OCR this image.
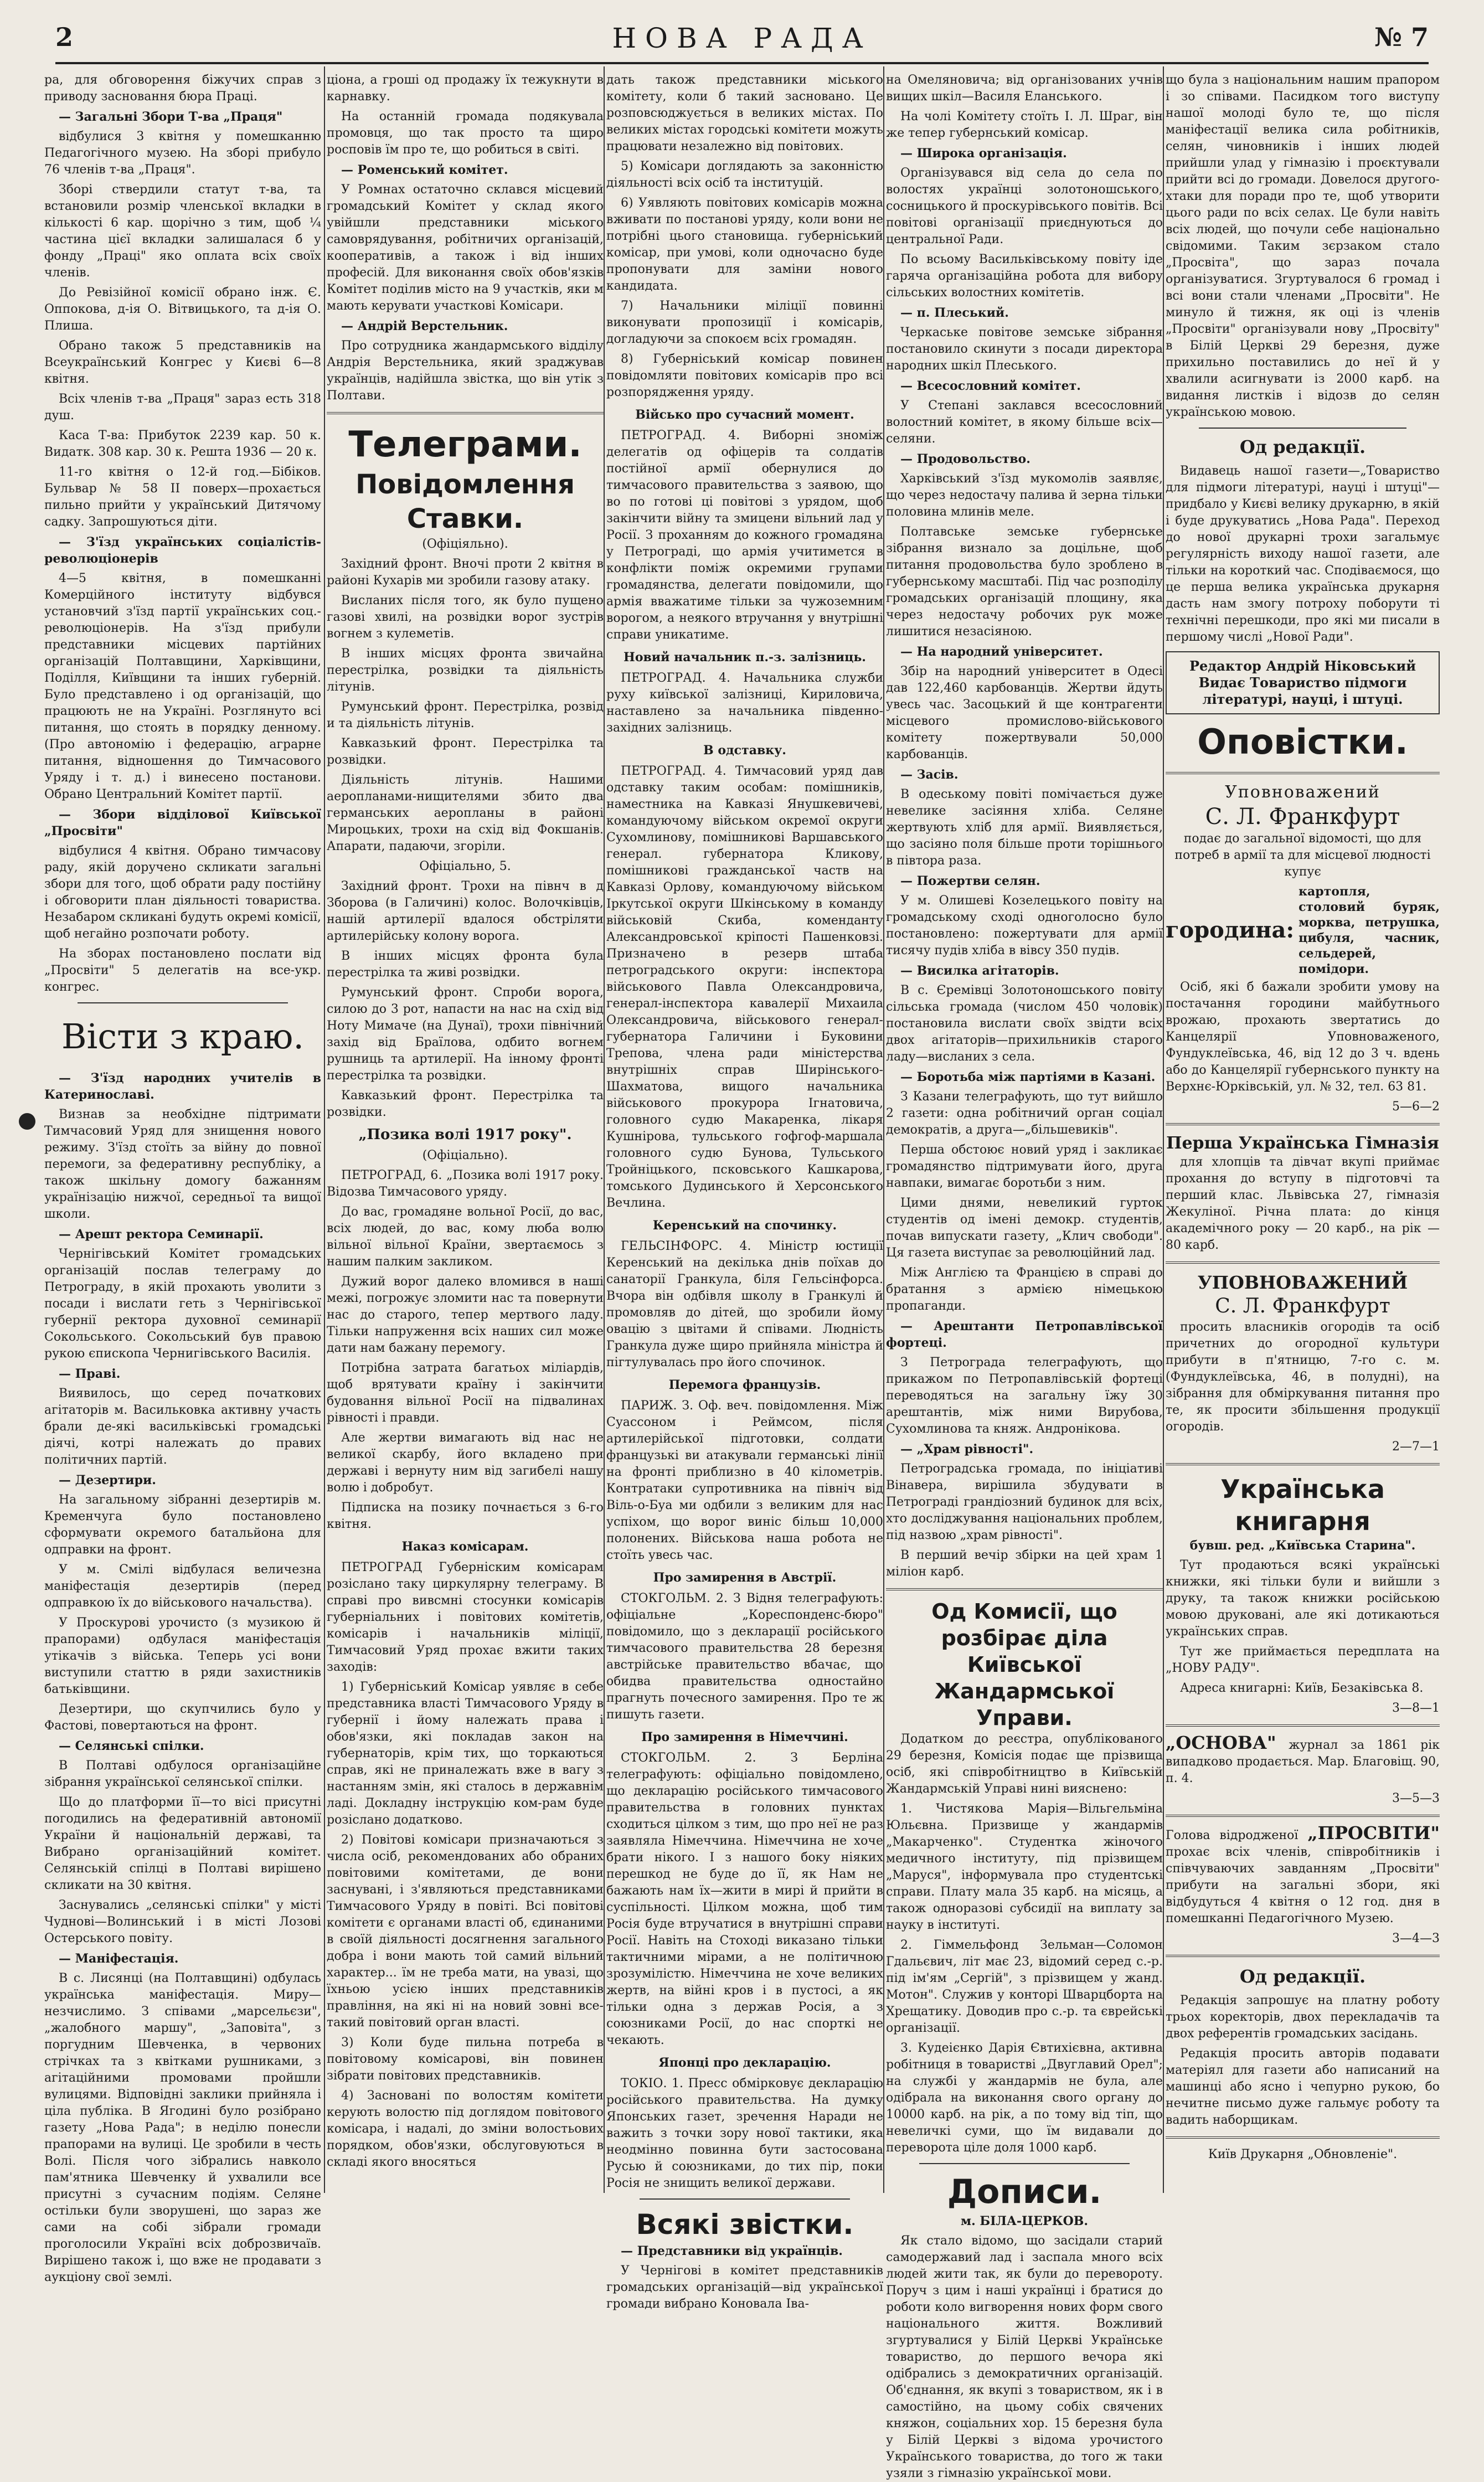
2	НОВА РАДА	№ 7

ра, для обговорення біжучих справ з приводу засновання бюра Праці.

— Загальні Збори Т-ва „Праця"

відбулися 3 квітня у помешканню Педагогічного музею. На зборі прибуло 76 членів т-ва „Праця".

Зборі ствердили статут т-ва, та встановили розмір членської вкладки в кількості 6 кар. щорічно з тим, щоб ¼ частина цієї вкладки залишалася б у фонду „Праці" яко оплата всіх своїх членів.

До Ревізійної комісії обрано інж. Є. Оппокова, д-ія О. Вітвицького, та д-ія О. Плиша.

Обрано також 5 представників на Всеукраїнський Конгрес у Києві 6—8 квітня.

Всіх членів т-ва „Праця" зараз есть 318 душ.

Каса Т-ва: Прибуток 2239 кар. 50 к. Видатк. 308 кар. 30 к. Решта 1936 — 20 к.

11-го квітня о 12-й год.—Бібіков. Бульвар № 58 II поверх—прохається пильно прийти у український Дитячому садку. Запрошуються діти.

— З'їзд українських соціалістів-революціонерів

4—5 квітня, в помешканні Комерційного інституту відбувся установчий з'їзд партії українських соц.-революціонерів. На з'їзд прибули представники місцевих партійних організацій Полтавщини, Харківщини, Поділля, Київщини та інших губерній. Було представлено і од організацій, що працюють не на Україні. Розглянуто всі питання, що стоять в порядку денному. (Про автономію і федерацію, аграрне питання, відношення до Тимчасового Уряду і т. д.) і винесено постанови. Обрано Центральний Комітет партії.

— Збори відділової Київської „Просвіти"

відбулися 4 квітня. Обрано тимчасову раду, якій доручено скликати загальні збори для того, щоб обрати раду постійну і обговорити план діяльності товариства. Незабаром скликані будуть окремі комісії, щоб негайно розпочати роботу.

На зборах постановлено послати від „Просвіти" 5 делегатів на все-укр. конгрес.

Вісти з краю.

— З'їзд народних учителів в Катеринославі.

Визнав за необхідне підтримати Тимчасовий Уряд для знищення нового режиму. З'їзд стоїть за війну до повної перемоги, за федеративну республіку, а також шкільну домогу бажанням українізацію нижчої, середньої та вищої школи.

— Арешт ректора Семинарії.

Чернігівський Комітет громадських організацій послав телеграму до Петрограду, в якій прохають уволити з посади і вислати геть з Чернігівської губернії ректора духовної семинарії Сокольського. Сокольський був правою рукою єпископа Чернигівського Василія.

— Праві.

Виявилось, що серед початкових агітаторів м. Васильковка активну участь брали де-які васильківські громадські діячі, котрі належать до правих політичних партій.

— Дезертири.

На загальному зібранні дезертирів м. Кременчуга було постановлено сформувати окремого батальйона для одправки на фронт.

У м. Смілі відбулася величезна маніфестація дезертирів (перед одправкою їх до військового начальства).

У Проскурові урочисто (з музикою й прапорами) одбулася маніфестація утікачів з війська. Теперь усі вони виступили статтю в ряди захистників батьківщини.

Дезертири, що скупчились було у Фастові, повертаються на фронт.

— Селянські спілки.

В Полтаві одбулося організаційне зібрання української селянської спілки.

Що до платформи її—то вісі присутні погодились на федеративній автономії України й національній державі, та Вибрано організаційний комітет. Селянській спілці в Полтаві вирішено скликати на 30 квітня.

Заснувались „селянські спілки" у місті Чуднові—Волинський і в місті Лозові Остерського повіту.

— Маніфестація.

В с. Лисянці (на Полтавщині) одбулась українська маніфестація. Миру—незчислимо. З співами „марсельєзи", „жалобного маршу", „Заповіта", з поргудним Шевченка, в червоних стрічках та з квітками рушниками, з агітаційними промовами пройшли вулицями. Відповідні заклики прийняла і ціла публіка. В Ягодині було розібрано газету „Нова Рада"; в неділю понесли прапорами на вулиці. Це зробили в честь Волі. Після чого зібрались навколо пам'ятника Шевченку й ухвалили все присутні з сучасним подіям. Селяне остільки були зворушені, що зараз же сами на собі зібрали громади проголосили Україні всіх доброзвичаїв. Вирішено також і, що вже не продавати з аукціону свої землі.

ціона, а гроші од продажу їх тежукнути в карнавку.

На останній громада подякувала промовця, що так просто та щиро росповів їм про те, що робиться в світі.

— Роменський комітет.

У Ромнах остаточно склався місцевий громадський Комітет у склад якого увійшли представники міського самоврядування, робітничих організацій, кооперативів, а також і від інших професій. Для виконання своїх обов'язків Комітет поділив місто на 9 участків, яки м мають керувати участкові Комісари.

— Андрій Верстельник.

Про сотрудника жандармського відділу Андрія Верстельника, який зраджував українців, надійшла звістка, що він утік з Полтави.

Телеграми.
Повідомлення Ставки.

(Офіціяльно).

Західний фронт. Вночі проти 2 квітня в районі Кухарів ми зробили газову атаку.

Висланих після того, як було пущено газові хвилі, на розвідки ворог зустрів вогнем з кулеметів.

В інших місцях фронта звичайна перестрілка, розвідки та діяльність літунів.

Румунський фронт. Перестрілка, розвід и та діяльність літунів.

Кавказький фронт. Перестрілка та розвідки.

Діяльність літунів. Нашими аеропланами-нищителями збито два германських аеропланы в районі Мироцьких, трохи на схід від Фокшанів. Апарати, падаючи, згоріли.

Офіціально, 5.

Західний фронт. Трохи на півнч в д Зборова (в Галичині) колос. Волочківців, нашій артилерії вдалося обстріляти артилерійську колону ворога.

В інших місцях фронта була перестрілка та живі розвідки.

Румунський фронт. Спроби ворога, силою до 3 рот, напасти на нас на схід від Ноту Мимаче (на Дунаї), трохи північний захід від Браїлова, одбито вогнем рушниць та артилерії. На інному фронті перестрілка та розвідки.

Кавказький фронт. Перестрілка та розвідки.

„Позика волі 1917 року".

(Офіціально).

ПЕТРОГРАД, 6. „Позика волі 1917 року. Відозва Тимчасового уряду.

До вас, громадяне вольної Росії, до вас, всіх людей, до вас, кому люба волю вільної вільної Країни, звертаємось з нашим палким закликом.

Дужий ворог далеко вломився в наші межі, погрожує зломити нас та повернути нас до старого, тепер мертвого ладу. Тільки напруження всіх наших сил може дати нам бажану перемогу.

Потрібна затрата багатьох міліардів, щоб врятувати країну і закінчити будовання вільної Росії на підвалинах рівності і правди.

Але жертви вимагають від нас не великої скарбу, його вкладено при державі і вернуту ним від загибелі нашу волю і добробут.

Підписка на позику почнається з 6-го квітня.

Наказ комісарам.

ПЕТРОГРАД Губерніским комісарам розіслано таку циркулярну телеграму. В справі про вивсмні стосунки комісарів губерніальних і повітових комітетів, комісарів і начальників міліції, Тимчасовий Уряд прохає вжити таких заходів:

1) Губерніський Комісар уявляє в себе представника власті Тимчасового Уряду в губернії і йому належать права і обов'язки, які покладав закон на губернаторів, крім тих, що торкаються справ, які не приналежать вже в вагу з настанням змін, які сталось в державнім ладі. Докладну інструкцію ком-рам буде розіслано додатково.

2) Повітові комісари призначаються з числа осіб, рекомендованих або обраних повітовими комітетами, де вони заснувані, і з'являються представниками Тимчасового Уряду в повіті. Всі повітові комітети є органами власті об, єдинаними в своїй діяльності досягнення загального добра і вони мають той самий вільний характер... їм не треба мати, на увазі, що їхньою усією інших представників правління, на які ні на новий зовні все-такий повітовий орган власті.

3) Коли буде пильна потреба в повітовому комісарові, він повинен зібрати повітових представників.

4) Засновані по волостям комітети керують волостю під доглядом повітового комісара, і надалі, до зміни волостьових порядком, обов'язки, обслуговуються в складі якого вносяться

дать також представники міського комітету, коли б такий засновано. Це розповсюджується в великих містах. По великих містах городські комітети можуть працювати незалежно від повітових.

5) Комісари доглядають за законністю діяльності всіх осіб та інституцій.

6) Уявляють повітових комісарів можна вживати по постанові уряду, коли вони не потрібні цього становища. губерніський комісар, при умові, коли одночасно буде пропонувати для заміни нового кандидата.

7) Начальники міліції повинні виконувати пропозиції і комісарів, догладуючи за спокоєм всіх громадян.

8) Губерніський комісар повинен повідомляти повітових комісарів про всі розпорядження уряду.

Військо про сучасний момент.

ПЕТРОГРАД. 4. Виборні зноміж делегатів од офіцерів та солдатів постійної армії обернулися до тимчасового правительства з заявою, що во по готові ці повітові з урядом, щоб закінчити війну та змицени вільний лад у Росії. З проханням до кожного громадяна у Петрограді, що армія учитимется в конфлікти поміж окремими групами громадянства, делегати повідомили, що армія вважатиме тільки за чужоземним ворогом, а неякого втручання у внутрішні справи уникатиме.

Новий начальник п.-з. залізниць.

ПЕТРОГРАД. 4. Начальника служби руху київської залізниці, Кириловича, наставлено за начальника південно-західних залізниць.

В одставку.

ПЕТРОГРАД. 4. Тимчасовий уряд дав одставку таким особам: помішників, наместника на Кавказі Янушкевичеві, командуючому військом окремої округи Сухомлинову, помішникові Варшавського генерал. губернатора Кликову, помішникові гражданської частв на Кавказі Орлову, командуючому військом Іркутської округи Шкінському в команду військовій Скиба, коменданту Александровської кріпості Пашенковзі. Призначено в резерв штаба петроградського округи: інспектора військового Павла Олександровича, генерал-інспектора кавалерії Михаила Олександровича, військового генерал-губернатора Галичини і Буковини Трепова, члена ради міністерства внутрішніх справ Ширінського-Шахматова, вищого начальника військового прокурора Ігнатовича, головного судю Макаренка, лікаря Кушнірова, тульського гофгоф-маршала головного судю Бунова, Тульського Тройніцького, псковського Кашкарова, томського Дудинського й Херсонського Вечлина.

Керенський на спочинку.

ГЕЛЬСІНФОРС. 4. Міністр юстиції Керенський на декілька днів поїхав до санаторії Гранкула, біля Гельсінфорса. Вчора він одбівля школу в Гранкулі й промовляв до дітей, що зробили йому овацію з цвітами й співами. Людність Гранкула дуже щиро прийняла міністра й пігтулувалась про його спочинок.

Перемога французів.

ПАРИЖ. З. Оф. веч. повідомлення. Між Суассоном і Реймсом, після артилерійської підготовки, солдати французькі ви атакували германські лінії на фронті приблизно в 40 кілометрів. Контратаки супротивника на північ від Віль-о-Буа ми одбили з великим для нас успіхом, що ворог виніс більш 10,000 полонених. Військова наша робота не стоїть увесь час.

Про замирення в Австрії.

СТОКГОЛЬМ. 2. З Відня телеграфують: офіціальне „Кореспонденс-бюро" повідомило, що з декларації російського тимчасового правительства 28 березня австрійське правительство вбачає, що обидва правительства одностайно прагнуть почесного замирення. Про те ж пишуть газети.

Про замирення в Німеччині.

СТОКГОЛЬМ. 2. З Берліна телеграфують: офіціально повідомлено, що декларацію російського тимчасового правительства в головних пунктах сходиться цілком з тим, що про неї не раз заявляла Німеччина. Німеччина не хоче брати нікого. І з нашого боку ніяких перешкод не буде до її, як Нам не бажають нам їх—жити в мирі й прийти в суспільності. Цілком можна, щоб тим Росія буде втручатися в внутрішні справи Росії. Навіть на Стоході виказано тільки тактичними мірами, а не політичною зрозумілістю. Німеччина не хоче великих жертв, на війні кров і в пустосі, а як тільки одна з держав Росія, а з союзниками Росії, до нас спорткі не чекають.

Японці про декларацію.

ТОКІО. 1. Пресс обмірковує декларацію російського правительства. На думку Японських газет, зречення Наради не важить з точки зору нової тактики, яка неодмінно повинна бути застосована Русью й союзниками, до тих пір, поки Росія не знищить великої держави.

Всякі звістки.

— Представники від українців.

У Чернігові в комітет представників громадських організацій—від української громади вибрано Коновала Іва-

на Омеляновича; від організованих учнів вищих шкіл—Василя Еланського.

На чолі Комітету стоїть І. Л. Шраг, він же тепер губернський комісар.

— Широка організація.

Організувався від села до села по волостях українці золотоношського, сосницького й проскурівського повітів. Всі повітові організації приєднуються до центральної Ради.

По всьому Васильківському повіту іде гаряча організаційна робота для вибору сільських волостних комітетів.

— п. Плеський.

Черкаське повітове земське зібрання постановило скинути з посади директора народних шкіл Плеського.

— Всесословний комітет.

У Степані заклався всесословний волостний комітет, в якому більше всіх—селяни.

— Продовольство.

Харківський з'їзд мукомолів заявляє, що через недостачу палива й зерна тільки половина млинів меле.

Полтавське земське губернське зібрання визнало за доцільне, щоб питання продовольства було зроблено в губернському масштабі. Під час розподілу громадських організацій площину, яка через недостачу робочих рук може лишитися незасіяною.

— На народний університет.

Збір на народний університет в Одесі дав 122,460 карбованців. Жертви йдуть увесь час. Засоцький й ще контрагенти місцевого промислово-військового комітету пожертвували 50,000 карбованців.

— Засів.

В одеському повіті помічається дуже невелике засіяння хліба. Селяне жертвують хліб для армії. Виявляється, що засіяно поля більше проти торішнього в півтора раза.

— Пожертви селян.

У м. Олишеві Козелецького повіту на громадському сході одноголосно було постановлено: пожертувати для армії тисячу пудів хліба в вівсу 350 пудів.

— Висилка агітаторів.

В с. Єремівці Золотоношського повіту сільська громада (числом 450 чоловік) постановила вислати своїх звідти всіх двох агітаторів—прихильників старого ладу—висланих з села.

— Боротьба між партіями в Казані.

З Казани телеграфують, що тут вийшло 2 газети: одна робітничий орган соціал демократів, а друга—„більшевиків".

Перша обстоює новий уряд і закликає громадянство підтримувати його, друга навпаки, вимагає боротьби з ним.

Цими днями, невеликий гурток студентів од імені демокр. студентів, почав випускати газету, „Клич свободи". Ця газета виступає за революційний лад.

Між Англією та Францією в справі до братання з армією німецькою пропаганди.

— Арештанти Петропавлівської фортеці.

З Петрограда телеграфують, що прикажом по Петропавлівській фортеці переводяться на загальну їжу 30 арештантів, між ними Вирубова, Сухомлинова та княж. Андронікова.

— „Храм рівності".

Петроградська громада, по ініціативі Вінавера, вирішила збудувати в Петрограді грандіозний будинок для всіх, хто досліджування національних проблем, під назвою „храм рівності".

В перший вечір збірки на цей храм 1 міліон карб.

Од Комисії, що розбірає діла Київської Жандармської Управи.

Додатком до реєстра, опублікованого 29 березня, Комісія подає ще прізвища осіб, які співробітництво в Київській Жандармській Управі нині вияснено:

1. Чистякова Марія—Вільгельміна Юльєвна. Призвище у жандармів „Макарченко". Студентка жіночого медичного інституту, під прізвищем „Маруся", інформувала про студентські справи. Плату мала 35 карб. на місяць, а також одноразові субсидії на виплату за науку в інституті.

2. Гіммельфонд Зельман—Соломон Гдальєвич, літ має 23, відомий серед с.-р. під ім'ям „Сергій", з прізвищем у жанд. Мотон". Служив у конторі Шварцборта на Хрещатику. Доводив про с.-р. та єврейські організації.

3. Кудеієнко Дарія Євтихієвна, активна робітниця в товаристві „Двуглавий Орел"; на службі у жандармів не була, але одібрала на виконання свого органу до 10000 карб. на рік, а по тому від тіп, що невеличкі суми, що їм видавали до переворота ціле доля 1000 карб.

Дописи.

м. БІЛА-ЦЕРКОВ.

Як стало відомо, що засідали старий самодержавий лад і заспала много всіх людей жити так, як були до перевороту. Поруч з цим і наші українці і братися до роботи коло вигворення нових форм свого національного життя. Вожливий згуртувалися у Білій Церкві Українське товариство, до першого вечора які одібрались з демократичних організацій. Об'єднання, як вкупі з товариством, як і в самостійно, на цьому собіх свячених княжон, соціальних хор. 15 березня була у Білій Церкві з відома урочистого Українського товариства, до того ж таки узяли з гімназію української мови.

що була з національним нашим прапором і зо співами. Пасидком того виступу нашої молоді було те, що після маніфестації велика сила робітників, селян, чиновників і інших людей прийшли улад у гімназію і проєктували прийти всі до громади. Довелося другого-хтаки для поради про те, щоб утворити цього ради по всіх селах. Це були навіть всіх людей, що почули себе національно свідомими. Таким зєрзаком стало „Просвіта", що зараз почала організуватися. Згуртувалося 6 громад і всі вони стали членами „Просвіти". Не минуло й тижня, як оці із членів „Просвіти" організували нову „Просвіту" в Білій Церкві 29 березня, дуже прихильно поставились до неї й у хвалили асигнувати із 2000 карб. на видання листків і відозв до селян українською мовою.

Од редакції.

Видавець нашої газети—„Товариство для підмоги літературі, науці і штуці"—придбало у Києві велику друкарню, в якій і буде друкуватись „Нова Рада". Переход до нової друкарні трохи загальмує регулярність виходу нашої газети, але тільки на короткий час. Сподіваємося, що це перша велика українська друкарня дасть нам змогу потроху поборути ті технічні перешкоди, про які ми писали в першому числі „Нової Ради".

Редактор Андрій Ніковський
Видає Товариство підмоги літературі, науці, і штуці.
Оповістки.
Уповноважений
С. Л. Франкфурт

подає до загальної відомості, що для потреб в армії та для місцевої людності купує

городина:
картопля, столовий буряк, морква, петрушка, цибуля, часник, сельдерей, помідори.

Осіб, які б бажали зробити умову на постачання городини майбутнього врожаю, прохають звертатись до Канцелярії Уповноваженого, Фундуклеївська, 46, від 12 до 3 ч. вдень або до Канцелярії губернського пункту на Верхнє-Юрківській, ул. № 32, тел. 63 81.

5—6—2

Перша Українська Гімназія

для хлопців та дівчат вкупі приймає прохання до вступу в підготовчі та перший клас. Львівська 27, гімназія Жекуліної. Річна плата: до кінця академічного року — 20 карб., на рік — 80 карб.

УПОВНОВАЖЕНИЙ
С. Л. Франкфурт

просить власників огородів та осіб причетних до огородної культури прибути в п'ятницю, 7-го с. м. (Фундуклеївська, 46, в полудні), на зібрання для обміркування питання про те, як просити збільшення продукції огородів.

2—7—1

Українська книгарня

бувш. ред. „Київська Старина".

Тут продаються всякі українські книжки, які тільки були и вийшли з друку, та також книжки російською мовою друковані, але які дотикаються українських справ.

Тут же приймається передплата на „НОВУ РАДУ".

Адреса книгарні: Київ, Безаківська 8.

3—8—1

„ОСНОВА" журнал за 1861 рік випадково продається. Мар. Благовіщ. 90, п. 4.

3—5—3

Голова відродженої „ПРОСВІТИ" прохає всіх членів, співробітників і співчуваючих завданням „Просвіти" прибути на загальні збори, які відбудуться 4 квітня о 12 год. дня в помешканні Педагогічного Музею.

3—4—3

Од редакції.

Редакція запрошує на платну роботу трьох коректорів, двох перекладачів та двох референтів громадських засідань.

Редакція просить авторів подавати матеріял для газети або написаний на машинці або ясно і чепурно рукою, бо нечитне письмо дуже гальмує роботу та вадить наборщикам.

Київ Друкарня „Обновленіе".
